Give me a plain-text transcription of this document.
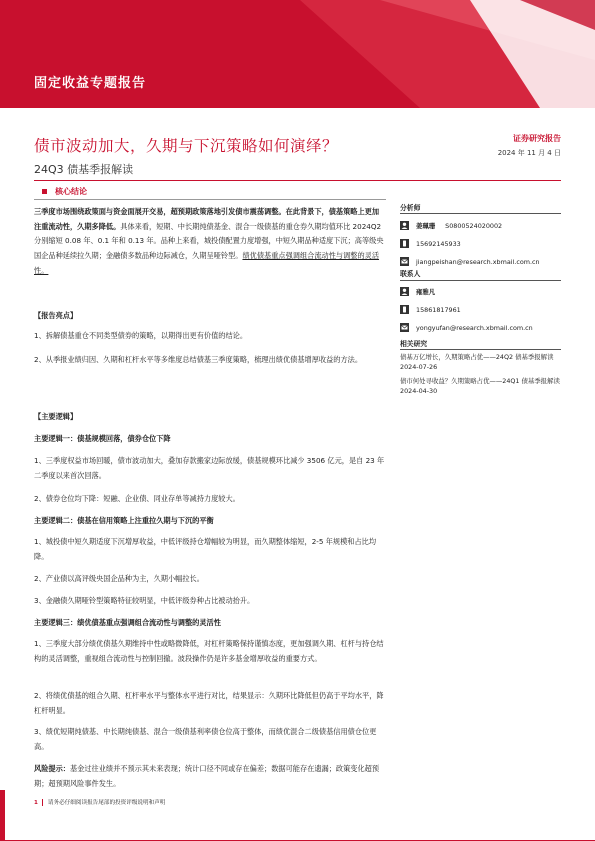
固定收益专题报告
债市波动加大，久期与下沉策略如何演绎？	证券研究报告
2024 年 11 月 4 日
24Q3 债基季报解读
核心结论
三季度市场围绕政策面与资金面展开交易，超预期政策落地引发债市震荡调整。在此背景下，债基策略上更加注重流动性，久期多降低。具体来看，短期、中长期纯债基金、混合一级债基的重仓券久期均值环比 2024Q2 分别缩短 0.08 年、0.1 年和 0.13 年。品种上来看，城投债配置力度增强，中短久期品种适度下沉；高等级央国企品种延续拉久期；金融债多数品种边际减仓，久期呈哑铃型。绩优债基重点强调组合流动性与调整的灵活性。
【报告亮点】
1、拆解债基重仓不同类型债券的策略，以期得出更有价值的结论。
2、从季报业绩归因、久期和杠杆水平等多维度总结债基三季度策略，梳理出绩优债基增厚收益的方法。
【主要逻辑】
主要逻辑一：债基规模回落，债券仓位下降
1、三季度权益市场回暖，债市波动加大，叠加存款搬家边际放缓，债基规模环比减少 3506 亿元，是自 23 年二季度以来首次回落。
2、债券仓位均下降：短融、企业债、同业存单等减持力度较大。
主要逻辑二：债基在信用策略上注重拉久期与下沉的平衡
1、城投债中短久期适度下沉增厚收益，中低评级持仓增幅较为明显，而久期整体缩短，2-5 年规模和占比均降。
2、产业债以高评级央国企品种为主，久期小幅拉长。
3、金融债久期哑铃型策略特征较明显，中低评级券种占比被动抬升。
主要逻辑三：绩优债基重点强调组合流动性与调整的灵活性
1、三季度大部分绩优债基久期维持中性或略微降低，对杠杆策略保持谨慎态度，更加强调久期、杠杆与持仓结构的灵活调整，重视组合流动性与控制回撤。波段操作仍是许多基金增厚收益的重要方式。
2、将绩优债基的组合久期、杠杆率水平与整体水平进行对比，结果显示：久期环比降低但仍高于平均水平，降杠杆明显。
3、绩优短期纯债基、中长期纯债基、混合一级债基利率债仓位高于整体，而绩优混合二级债基信用债仓位更高。
风险提示：基金过往业绩并不预示其未来表现；统计口径不同或存在偏差；数据可能存在遗漏；政策变化超预期；超预期风险事件发生。
分析师
姜珮珊 S0800524020002
15692145933
jiangpeishan@research.xbmail.com.cn
联系人
雍雅凡
15861817961
yongyufan@research.xbmail.com.cn
相关研究
债基万亿增长，久期策略占优——24Q2 债基季报解读
2024-07-26
债市何处寻收益？久期策略占优——24Q1 债基季报解读
2024-04-30
1 请务必仔细阅读报告尾部的投资评级说明和声明
